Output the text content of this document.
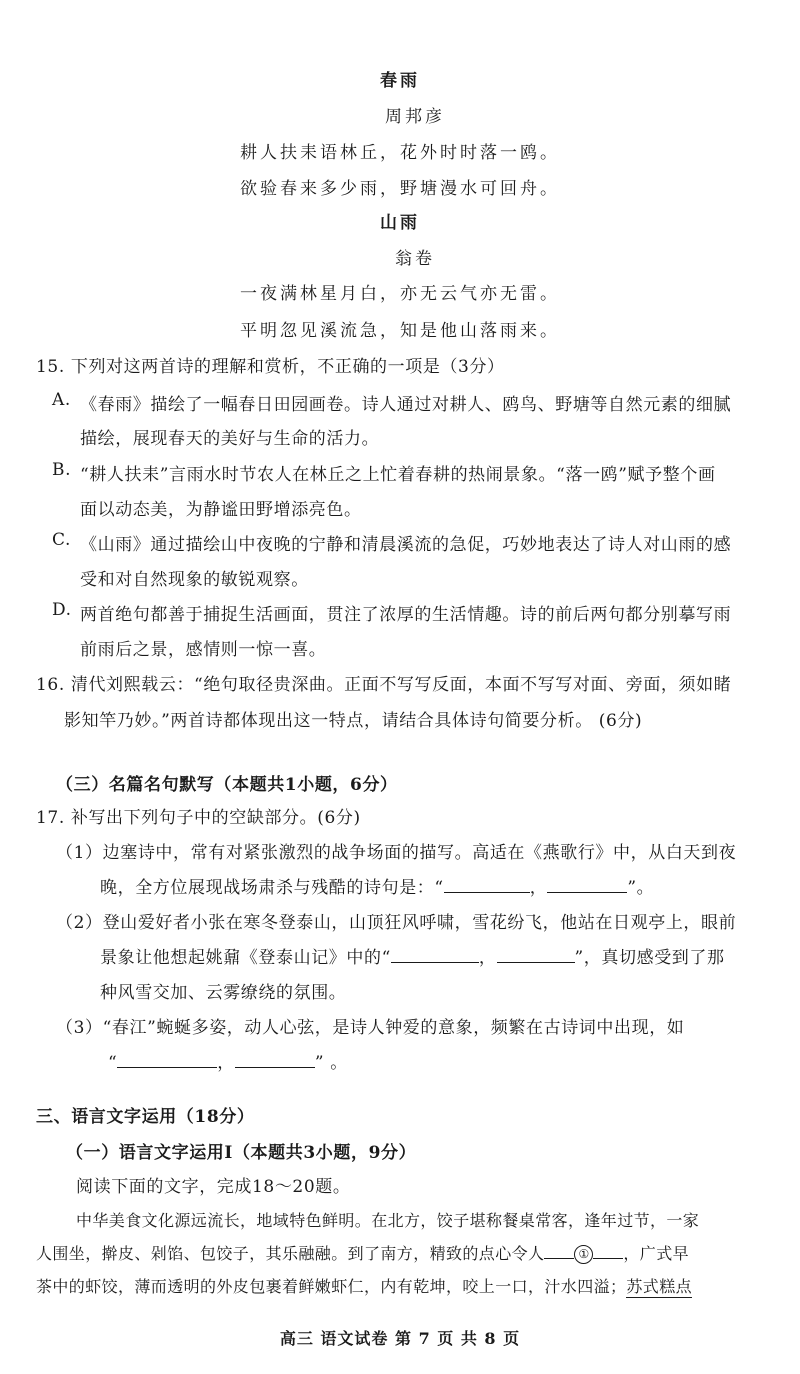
春雨
周邦彦
耕人扶耒语林丘，花外时时落一鸥。
欲验春来多少雨，野塘漫水可回舟。
山雨
翁卷
一夜满林星月白，亦无云气亦无雷。
平明忽见溪流急，知是他山落雨来。
15. 下列对这两首诗的理解和赏析，不正确的一项是（3分）
A. 《春雨》描绘了一幅春日田园画卷。诗人通过对耕人、鸥鸟、野塘等自然元素的细腻
描绘，展现春天的美好与生命的活力。
B. “耕人扶耒”言雨水时节农人在林丘之上忙着春耕的热闹景象。“落一鸥”赋予整个画
面以动态美，为静谧田野增添亮色。
C. 《山雨》通过描绘山中夜晚的宁静和清晨溪流的急促，巧妙地表达了诗人对山雨的感
受和对自然现象的敏锐观察。
D. 两首绝句都善于捕捉生活画面，贯注了浓厚的生活情趣。诗的前后两句都分别摹写雨
前雨后之景，感情则一惊一喜。
16. 清代刘熙载云：“绝句取径贵深曲。正面不写写反面，本面不写写对面、旁面，须如睹
影知竿乃妙。”两首诗都体现出这一特点，请结合具体诗句简要分析。 (6分)
（三）名篇名句默写（本题共1小题，6分）
17. 补写出下列句子中的空缺部分。(6分)
（1）边塞诗中，常有对紧张激烈的战争场面的描写。高适在《燕歌行》中，从白天到夜
晚，全方位展现战场肃杀与残酷的诗句是：“	，	”。
（2）登山爱好者小张在寒冬登泰山，山顶狂风呼啸，雪花纷飞，他站在日观亭上，眼前
景象让他想起姚鼐《登泰山记》中的“	，	”，真切感受到了那
种风雪交加、云雾缭绕的氛围。
（3）“春江”蜿蜒多姿，动人心弦，是诗人钟爱的意象，频繁在古诗词中出现，如
“	，	” 。
三、语言文字运用（18分）
（一）语言文字运用Ⅰ（本题共3小题，9分）
阅读下面的文字，完成18～20题。
中华美食文化源远流长，地域特色鲜明。在北方，饺子堪称餐桌常客，逢年过节，一家
人围坐，擀皮、剁馅、包饺子，其乐融融。到了南方，精致的点心令人	① ，广式早
茶中的虾饺，薄而透明的外皮包裹着鲜嫩虾仁，内有乾坤，咬上一口，汁水四溢；苏式糕点
高三 语文试卷 第 7 页 共 8 页
